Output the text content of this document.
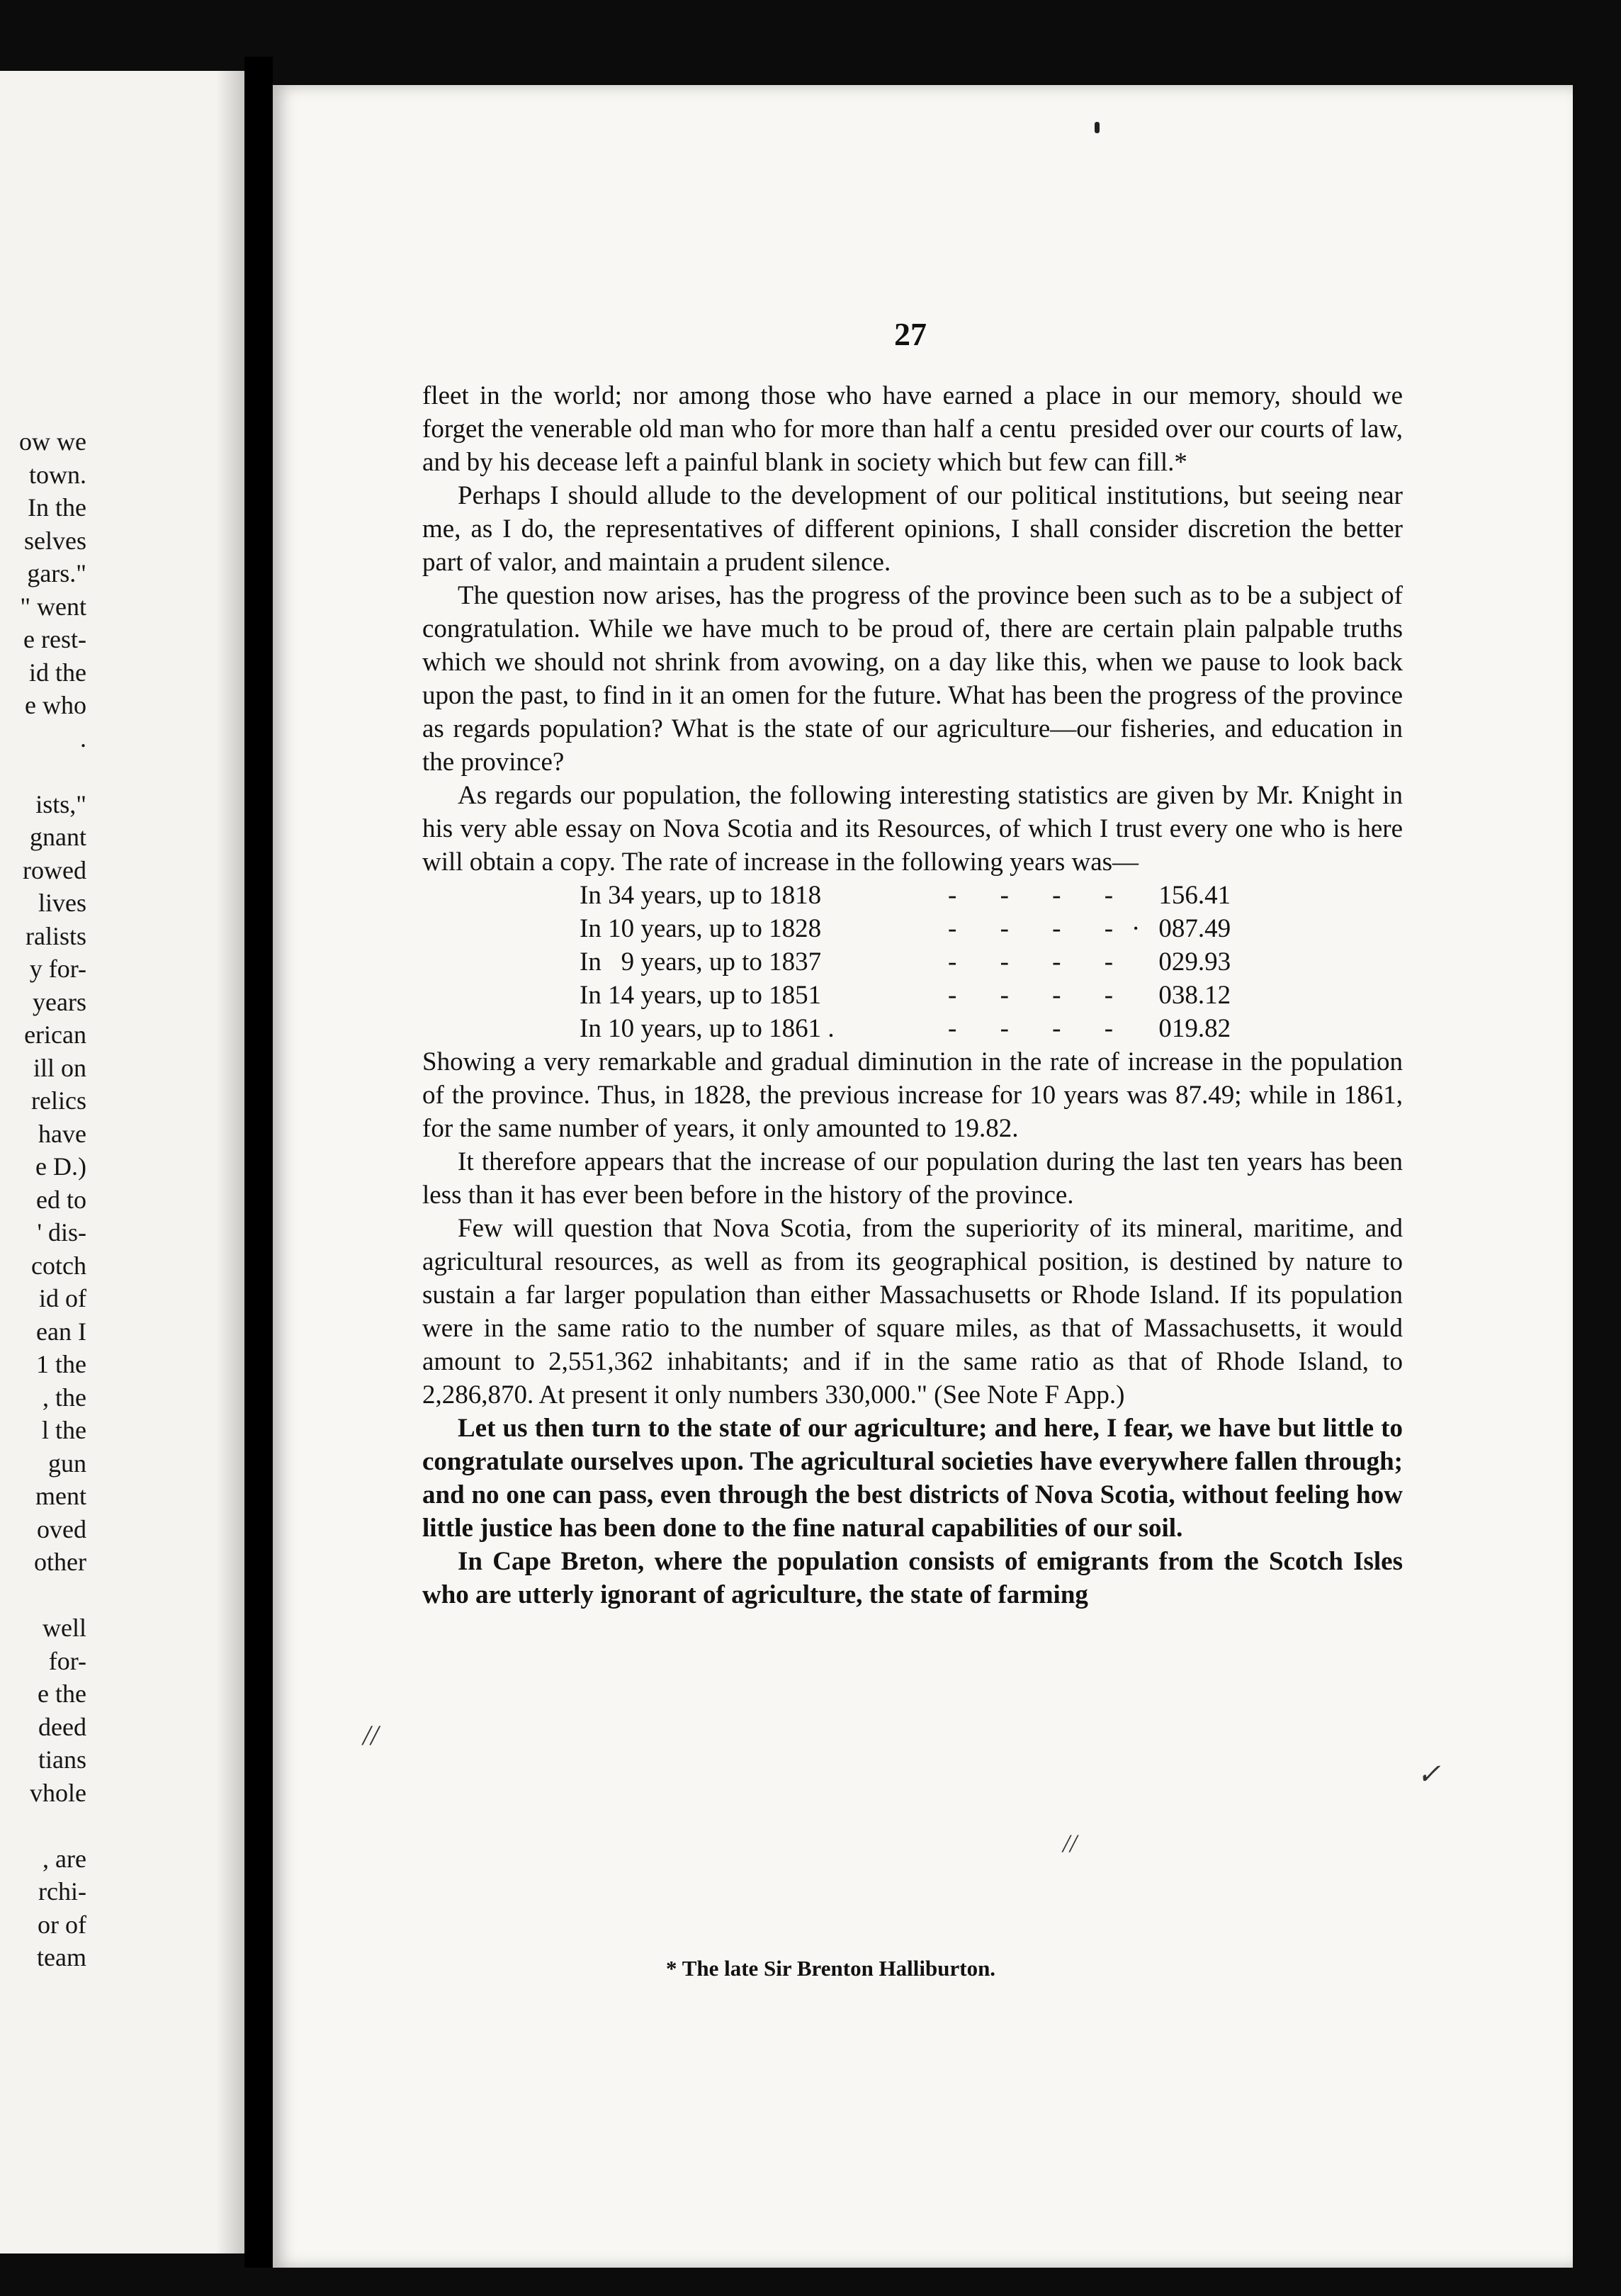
ow we
town.
In the
selves
gars."
" went
e rest-
id the
e who
.
ists,"
gnant
rowed
lives
ralists
y for-
years
erican
ill on
relics
have
e D.)
ed to
' dis-
cotch
id of
ean I
1 the
, the
l the
gun
ment
oved
other
well
for-
e the
deed
tians
vhole
, are
rchi-
or of
team

27

fleet in the world; nor among those who have earned a place in our memory, should we forget the venerable old man who for more than half a centu  presided over our courts of law, and by his decease left a painful blank in society which but few can fill.*

Perhaps I should allude to the development of our political institutions, but seeing near me, as I do, the representatives of different opinions, I shall consider discretion the better part of valor, and maintain a prudent silence.

The question now arises, has the progress of the province been such as to be a subject of congratulation. While we have much to be proud of, there are certain plain palpable truths which we should not shrink from avowing, on a day like this, when we pause to look back upon the past, to find in it an omen for the future. What has been the progress of the province as regards population? What is the state of our agriculture—our fisheries, and education in the province?

As regards our population, the following interesting statistics are given by Mr. Knight in his very able essay on Nova Scotia and its Resources, of which I trust every one who is here will obtain a copy. The rate of increase in the following years was—

In 34 years, up to 1818	- - - -	156.41
In 10 years, up to 1828	- - - -·	087.49
In  9 years, up to 1837	- - - -	029.93
In 14 years, up to 1851	- - - -	038.12
In 10 years, up to 1861 .	- - - -	019.82

Showing a very remarkable and gradual diminution in the rate of increase in the population of the province. Thus, in 1828, the previous increase for 10 years was 87.49; while in 1861, for the same number of years, it only amounted to 19.82.

It therefore appears that the increase of our population during the last ten years has been less than it has ever been before in the history of the province.

Few will question that Nova Scotia, from the superiority of its mineral, maritime, and agricultural resources, as well as from its geographical position, is destined by nature to sustain a far larger population than either Massachusetts or Rhode Island. If its population were in the same ratio to the number of square miles, as that of Massachusetts, it would amount to 2,551,362 inhabitants; and if in the same ratio as that of Rhode Island, to 2,286,870. At present it only numbers 330,000." (See Note F App.)

Let us then turn to the state of our agriculture; and here, I fear, we have but little to congratulate ourselves upon. The agricultural societies have everywhere fallen through; and no one can pass, even through the best districts of Nova Scotia, without feeling how little justice has been done to the fine natural capabilities of our soil.

In Cape Breton, where the population consists of emigrants from the Scotch Isles who are utterly ignorant of agriculture, the state of farming

//
//
✓
* The late Sir Brenton Halliburton.
